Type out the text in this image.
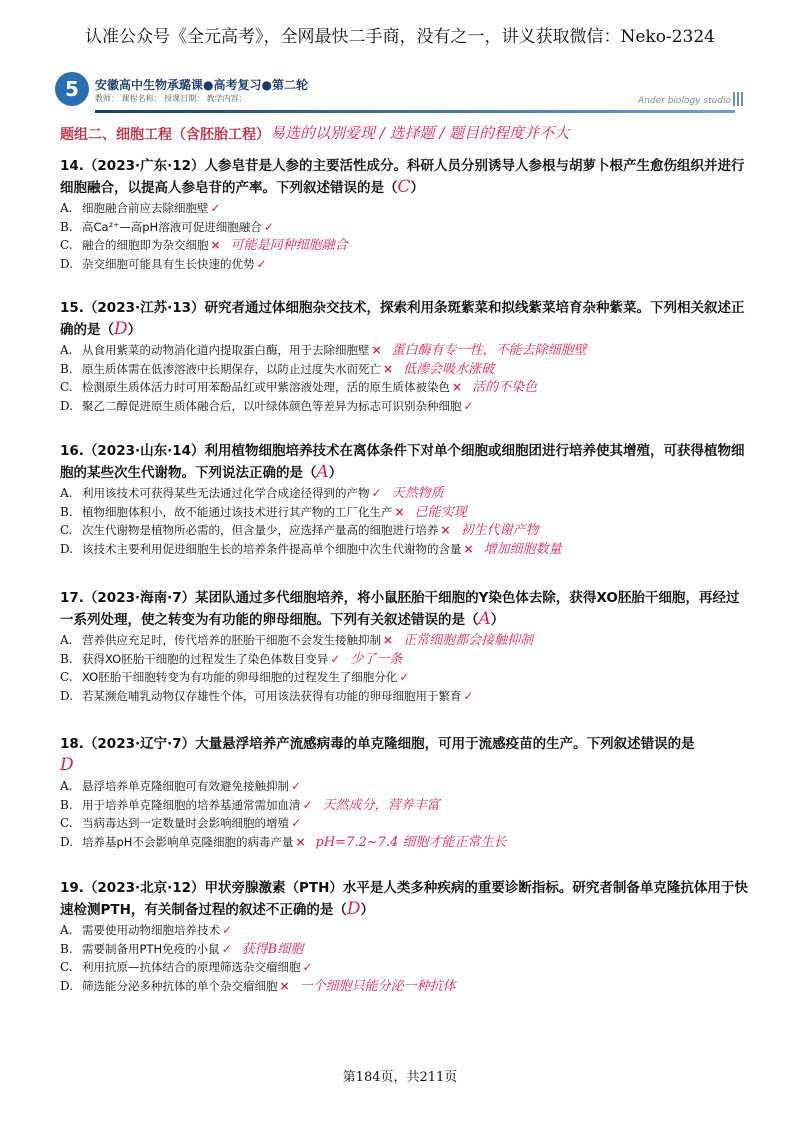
认准公众号《全元高考》，全网最快二手商，没有之一，讲义获取微信：Neko-2324
5	安徽高中生物承璐课●高考复习●第二轮
教师： 课程名称： 授课日期： 教学内容：	Ander biology studio
题组二、细胞工程（含胚胎工程） 易选的以别爱现 / 选择题 / 题目的程度并不大

14.（2023·广东·12）人参皂苷是人参的主要活性成分。科研人员分别诱导人参根与胡萝卜根产生愈伤组织并进行细胞融合，以提高人参皂苷的产率。下列叙述错误的是（C）

A. 细胞融合前应去除细胞壁 ✓
B. 高Ca²⁺—高pH溶液可促进细胞融合 ✓
C. 融合的细胞即为杂交细胞 × 可能是同种细胞融合
D. 杂交细胞可能具有生长快速的优势 ✓

15.（2023·江苏·13）研究者通过体细胞杂交技术，探索利用条斑紫菜和拟线紫菜培育杂种紫菜。下列相关叙述正确的是（D）

A. 从食用紫菜的动物消化道内提取蛋白酶，用于去除细胞壁 × 蛋白酶有专一性，不能去除细胞壁
B. 原生质体需在低渗溶液中长期保存，以防止过度失水而死亡 × 低渗会吸水涨破
C. 检测原生质体活力时可用苯酚品红或甲紫溶液处理，活的原生质体被染色 × 活的不染色
D. 聚乙二醇促进原生质体融合后，以叶绿体颜色等差异为标志可识别杂种细胞 ✓

16.（2023·山东·14）利用植物细胞培养技术在离体条件下对单个细胞或细胞团进行培养使其增殖，可获得植物细胞的某些次生代谢物。下列说法正确的是（A）

A. 利用该技术可获得某些无法通过化学合成途径得到的产物 ✓ 天然物质
B. 植物细胞体积小，故不能通过该技术进行其产物的工厂化生产 × 已能实现
C. 次生代谢物是植物所必需的，但含量少，应选择产量高的细胞进行培养 × 初生代谢产物
D. 该技术主要利用促进细胞生长的培养条件提高单个细胞中次生代谢物的含量 × 增加细胞数量

17.（2023·海南·7）某团队通过多代细胞培养，将小鼠胚胎干细胞的Y染色体去除，获得XO胚胎干细胞，再经过一系列处理，使之转变为有功能的卵母细胞。下列有关叙述错误的是（A）

A. 营养供应充足时，传代培养的胚胎干细胞不会发生接触抑制 × 正常细胞都会接触抑制
B. 获得XO胚胎干细胞的过程发生了染色体数目变异 ✓ 少了一条
C. XO胚胎干细胞转变为有功能的卵母细胞的过程发生了细胞分化 ✓
D. 若某濒危哺乳动物仅存雄性个体，可用该法获得有功能的卵母细胞用于繁育 ✓

18.（2023·辽宁·7）大量悬浮培养产流感病毒的单克隆细胞，可用于流感疫苗的生产。下列叙述错误的是
D

A. 悬浮培养单克隆细胞可有效避免接触抑制 ✓
B. 用于培养单克隆细胞的培养基通常需加血清 ✓ 天然成分，营养丰富
C. 当病毒达到一定数量时会影响细胞的增殖 ✓
D. 培养基pH不会影响单克隆细胞的病毒产量 × pH=7.2~7.4 细胞才能正常生长

19.（2023·北京·12）甲状旁腺激素（PTH）水平是人类多种疾病的重要诊断指标。研究者制备单克隆抗体用于快速检测PTH，有关制备过程的叙述不正确的是（D）

A. 需要使用动物细胞培养技术 ✓
B. 需要制备用PTH免疫的小鼠 ✓ 获得B细胞
C. 利用抗原—抗体结合的原理筛选杂交瘤细胞 ✓
D. 筛选能分泌多种抗体的单个杂交瘤细胞 × 一个细胞只能分泌一种抗体
第184页，共211页
